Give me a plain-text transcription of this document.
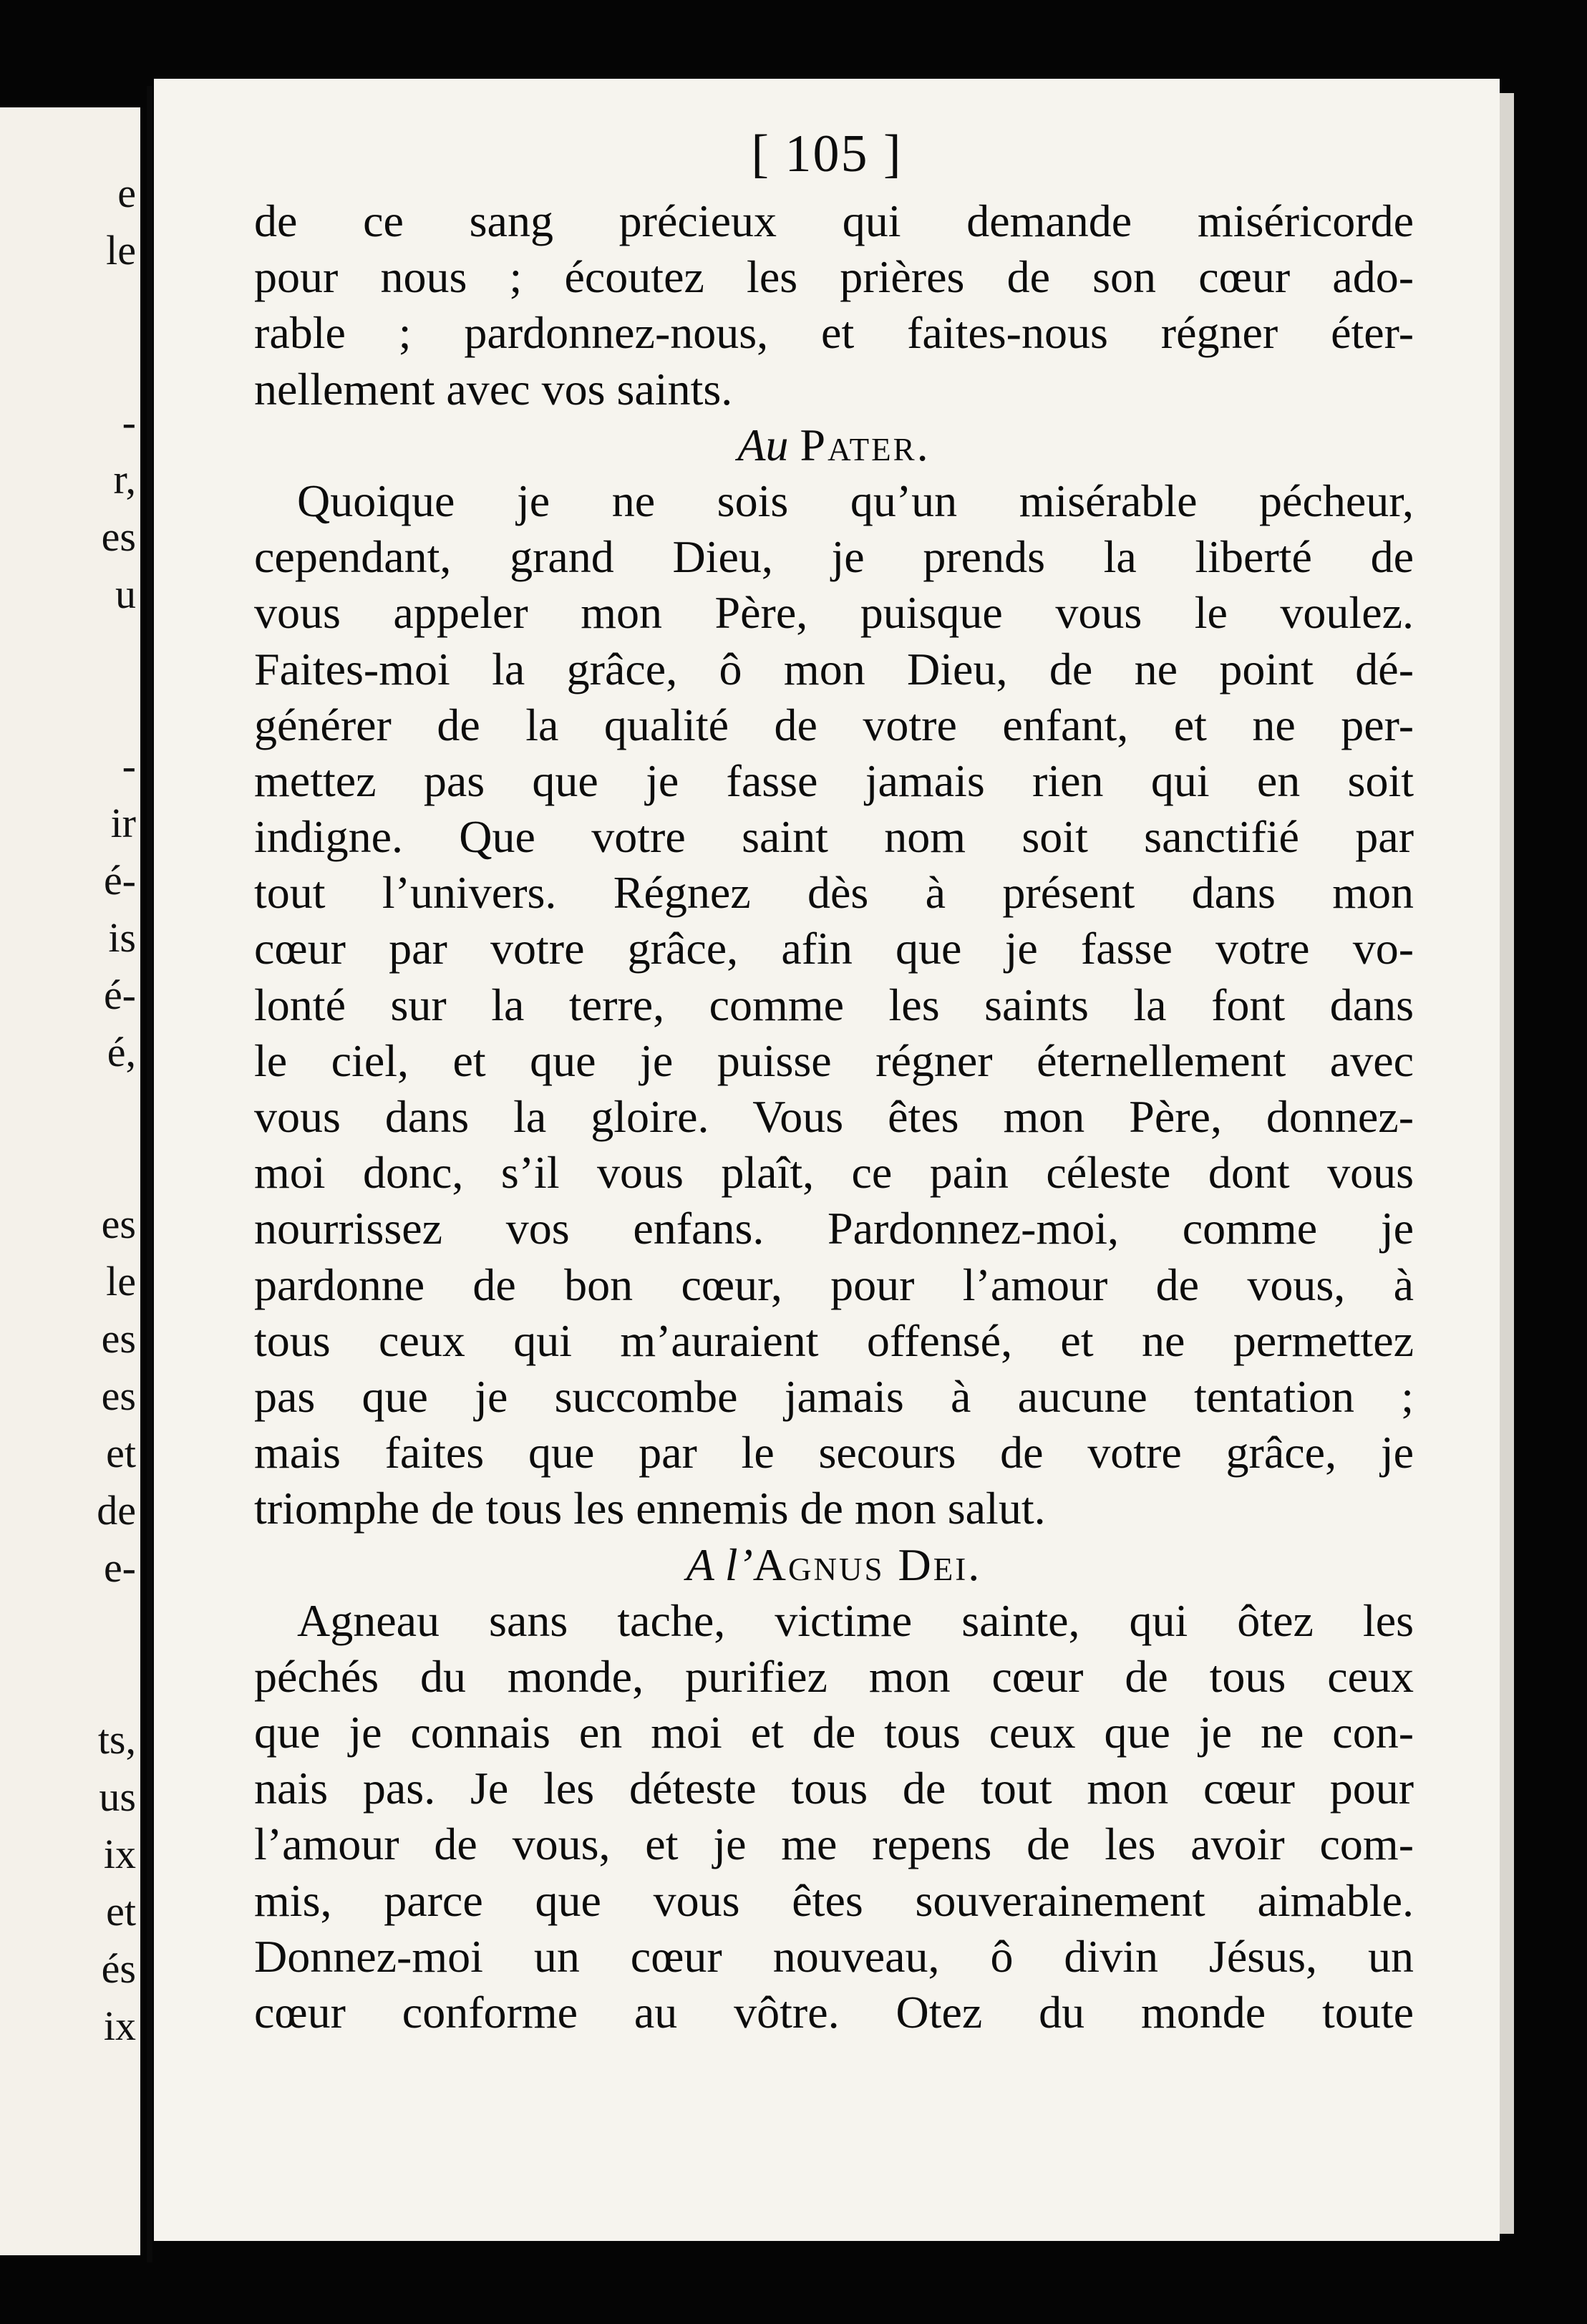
e
le
-
r,
es
u
-
ir
é-
is
é-
é,
es
le
es
es
et
de
e-
ts,
us
ix
et
és
ix
[ 105 ]
de ce sang précieux qui demande miséricorde
pour nous ; écoutez les prières de son cœur ado-
rable ; pardonnez-nous, et faites-nous régner éter-
nellement avec vos saints.
Au Pater.
Quoique je ne sois qu’un misérable pécheur,
cependant, grand Dieu, je prends la liberté de
vous appeler mon Père, puisque vous le voulez.
Faites-moi la grâce, ô mon Dieu, de ne point dé-
générer de la qualité de votre enfant, et ne per-
mettez pas que je fasse jamais rien qui en soit
indigne. Que votre saint nom soit sanctifié par
tout l’univers. Régnez dès à présent dans mon
cœur par votre grâce, afin que je fasse votre vo-
lonté sur la terre, comme les saints la font dans
le ciel, et que je puisse régner éternellement avec
vous dans la gloire. Vous êtes mon Père, donnez-
moi donc, s’il vous plaît, ce pain céleste dont vous
nourrissez vos enfans. Pardonnez-moi, comme je
pardonne de bon cœur, pour l’amour de vous, à
tous ceux qui m’auraient offensé, et ne permettez
pas que je succombe jamais à aucune tentation ;
mais faites que par le secours de votre grâce, je
triomphe de tous les ennemis de mon salut.
A l’Agnus Dei.
Agneau sans tache, victime sainte, qui ôtez les
péchés du monde, purifiez mon cœur de tous ceux
que je connais en moi et de tous ceux que je ne con-
nais pas. Je les déteste tous de tout mon cœur pour
l’amour de vous, et je me repens de les avoir com-
mis, parce que vous êtes souverainement aimable.
Donnez-moi un cœur nouveau, ô divin Jésus, un
cœur conforme au vôtre. Otez du monde toute
